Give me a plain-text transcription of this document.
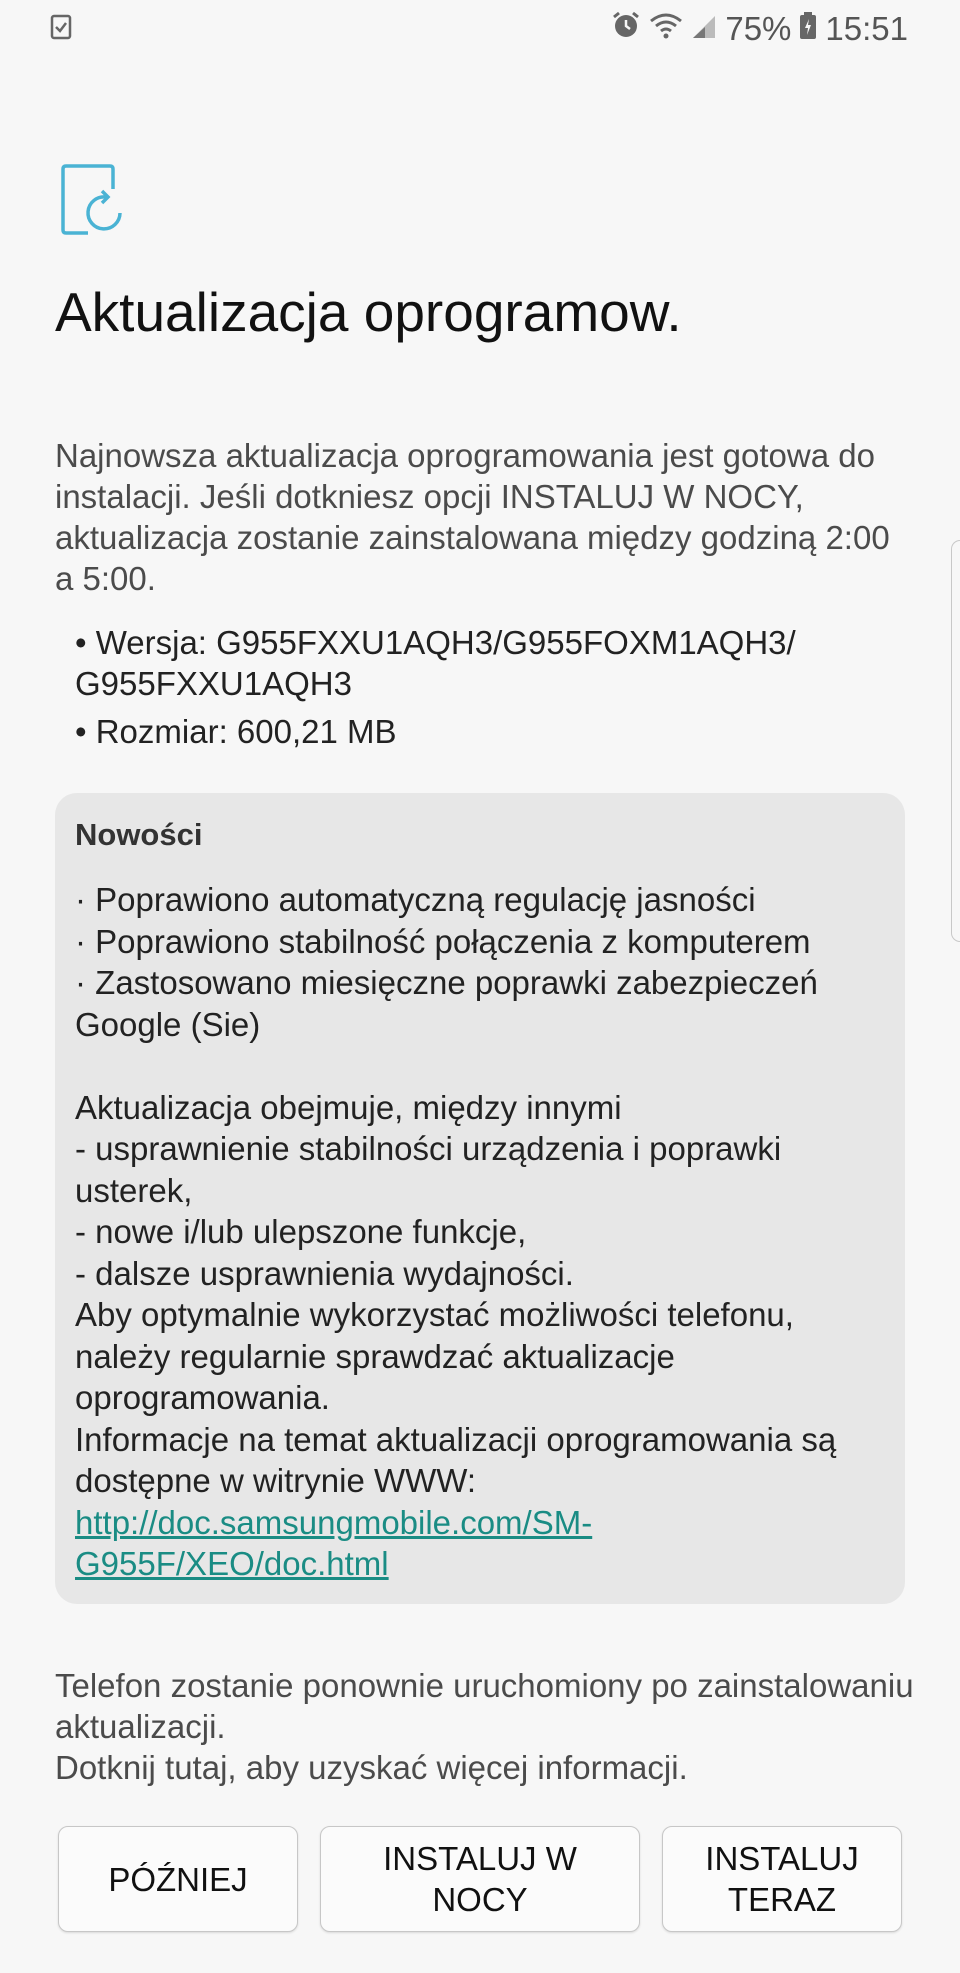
75% 15:51
Aktualizacja oprogramow.
Najnowsza aktualizacja oprogramowania jest gotowa do instalacji. Jeśli dotkniesz opcji INSTALUJ W NOCY, aktualizacja zostanie zainstalowana między godziną 2:00 a 5:00.
• Wersja: G955FXXU1AQH3/G955FOXM1AQH3/ G955FXXU1AQH3
• Rozmiar: 600,21 MB
Nowości
· Poprawiono automatyczną regulację jasności
· Poprawiono stabilność połączenia z komputerem
· Zastosowano miesięczne poprawki zabezpieczeń Google (Sie)
Aktualizacja obejmuje, między innymi
- usprawnienie stabilności urządzenia i poprawki usterek,
- nowe i/lub ulepszone funkcje,
- dalsze usprawnienia wydajności.
Aby optymalnie wykorzystać możliwości telefonu, należy regularnie sprawdzać aktualizacje oprogramowania.
Informacje na temat aktualizacji oprogramowania są dostępne w witrynie WWW:
http://doc.samsungmobile.com/SM-G955F/XEO/doc.html
Telefon zostanie ponownie uruchomiony po zainstalowaniu aktualizacji.
Dotknij tutaj, aby uzyskać więcej informacji.
PÓŹNIEJ
INSTALUJ W NOCY
INSTALUJ TERAZ
